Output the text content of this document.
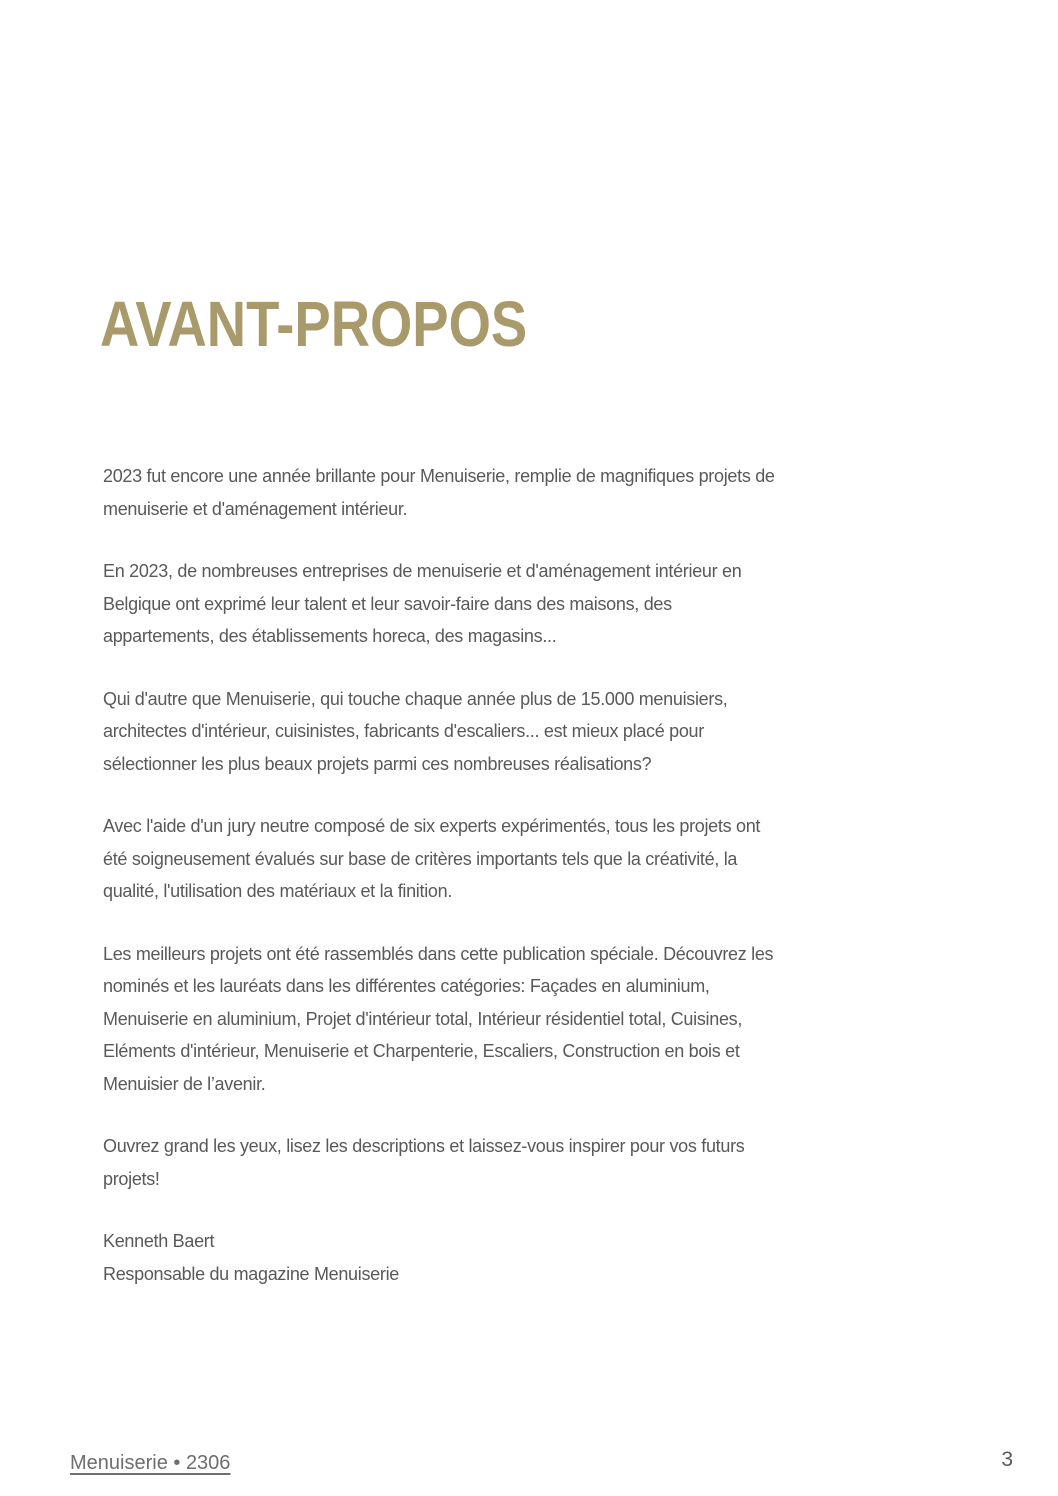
AVANT-PROPOS

2023 fut encore une année brillante pour Menuiserie, remplie de magnifiques projets de menuiserie et d'aménagement intérieur.

En 2023, de nombreuses entreprises de menuiserie et d'aménagement intérieur en Belgique ont exprimé leur talent et leur savoir-faire dans des maisons, des appartements, des établissements horeca, des magasins...

Qui d'autre que Menuiserie, qui touche chaque année plus de 15.000 menuisiers, architectes d'intérieur, cuisinistes, fabricants d'escaliers... est mieux placé pour sélectionner les plus beaux projets parmi ces nombreuses réalisations?

Avec l'aide d'un jury neutre composé de six experts expérimentés, tous les projets ont été soigneusement évalués sur base de critères importants tels que la créativité, la qualité, l'utilisation des matériaux et la finition.

Les meilleurs projets ont été rassemblés dans cette publication spéciale. Découvrez les nominés et les lauréats dans les différentes catégories: Façades en aluminium, Menuiserie en aluminium, Projet d'intérieur total, Intérieur résidentiel total, Cuisines, Eléments d'intérieur, Menuiserie et Charpenterie, Escaliers, Construction en bois et Menuisier de l’avenir.

Ouvrez grand les yeux, lisez les descriptions et laissez-vous inspirer pour vos futurs projets!

Kenneth Baert
Responsable du magazine Menuiserie
Menuiserie • 2306	3
